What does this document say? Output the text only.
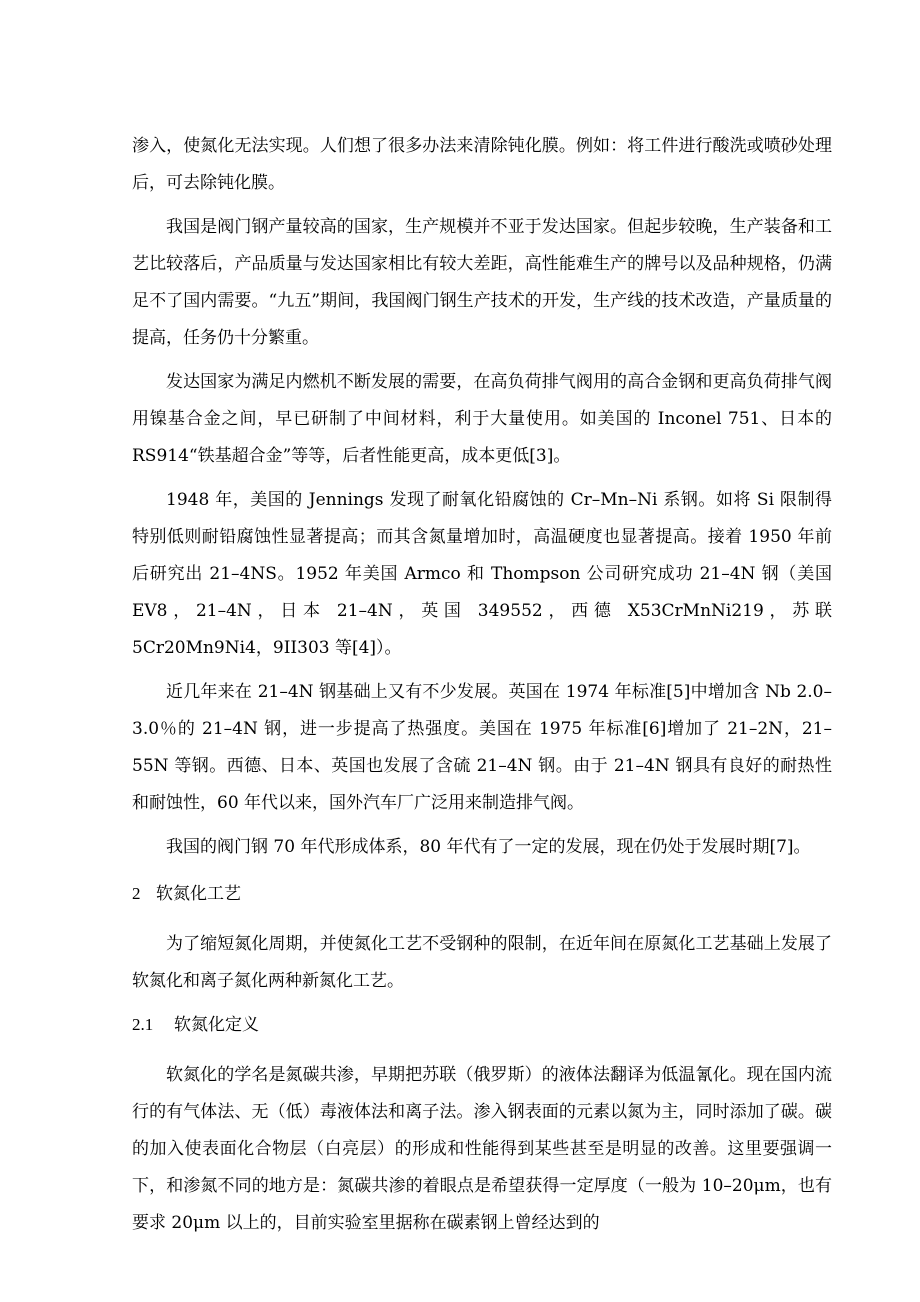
渗入，使氮化无法实现。人们想了很多办法来清除钝化膜。例如：将工件进行酸洗或喷砂处理后，可去除钝化膜。

我国是阀门钢产量较高的国家，生产规模并不亚于发达国家。但起步较晚，生产装备和工艺比较落后，产品质量与发达国家相比有较大差距，高性能难生产的牌号以及品种规格，仍满足不了国内需要。“九五”期间，我国阀门钢生产技术的开发，生产线的技术改造，产量质量的提高，任务仍十分繁重。

发达国家为满足内燃机不断发展的需要，在高负荷排气阀用的高合金钢和更高负荷排气阀用镍基合金之间，早已研制了中间材料，利于大量使用。如美国的 Inconel 751、日本的 RS914“铁基超合金”等等，后者性能更高，成本更低[3]。

1948 年，美国的 Jennings 发现了耐氧化铅腐蚀的 Cr–Mn–Ni 系钢。如将 Si 限制得特别低则耐铅腐蚀性显著提高；而其含氮量增加时，高温硬度也显著提高。接着 1950 年前后研究出 21–4NS。1952 年美国 Armco 和 Thompson 公司研究成功 21–4N 钢（美国 EV8，21–4N，日本 21–4N，英国 349552，西德 X53CrMnNi219，苏联 5Cr20Mn9Ni4，9II303 等[4]）。

近几年来在 21–4N 钢基础上又有不少发展。英国在 1974 年标准[5]中增加含 Nb 2.0–3.0％的 21–4N 钢，进一步提高了热强度。美国在 1975 年标准[6]增加了 21–2N，21–55N 等钢。西德、日本、英国也发展了含硫 21–4N 钢。由于 21–4N 钢具有良好的耐热性和耐蚀性，60 年代以来，国外汽车厂广泛用来制造排气阀。

我国的阀门钢 70 年代形成体系，80 年代有了一定的发展，现在仍处于发展时期[7]。

2 软氮化工艺

为了缩短氮化周期，并使氮化工艺不受钢种的限制，在近年间在原氮化工艺基础上发展了软氮化和离子氮化两种新氮化工艺。

2.1 软氮化定义

软氮化的学名是氮碳共渗，早期把苏联（俄罗斯）的液体法翻译为低温氰化。现在国内流行的有气体法、无（低）毒液体法和离子法。渗入钢表面的元素以氮为主，同时添加了碳。碳的加入使表面化合物层（白亮层）的形成和性能得到某些甚至是明显的改善。这里要强调一下，和渗氮不同的地方是：氮碳共渗的着眼点是希望获得一定厚度（一般为 10–20μm，也有要求 20μm 以上的，目前实验室里据称在碳素钢上曾经达到的
